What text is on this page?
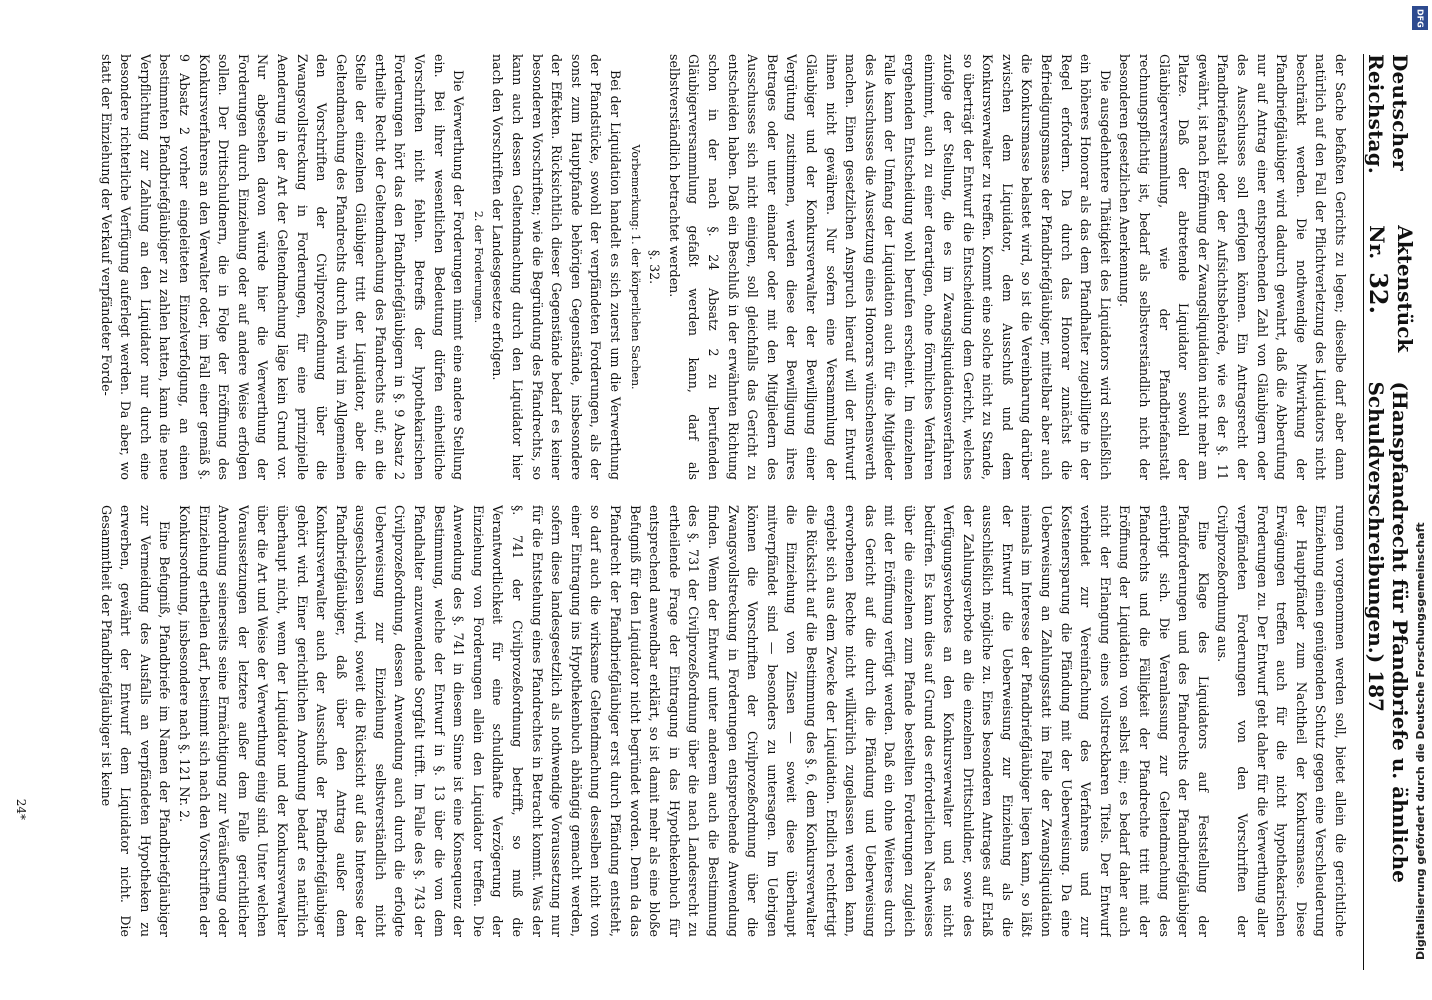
Deutscher Reichstag.
Aktenstück Nr. 32.
(Hanspfandrecht für Pfandbriefe u. ähnliche Schuldverschreibungen.) 187

der Sache befaßten Gerichts zu legen; dieselbe darf aber dann natürlich auf den Fall der Pflichtverletzung des Liquidators nicht beschränkt werden. Die nothwendige Mitwirkung der Pfandbriefgläubiger wird dadurch gewahrt, daß die Abberufung nur auf Antrag einer entsprechenden Zahl von Gläubigern oder des Ausschusses soll erfolgen können. Ein Antragsrecht der Pfandbriefanstalt oder der Aufsichtsbehörde, wie es der §. 11 gewährt, ist nach Eröffnung der Zwangsliquidation nicht mehr am Platze. Daß der abtretende Liquidator sowohl der Gläubigerversammlung, wie der Pfandbriefanstalt rechnungspflichtig ist, bedarf als selbstverständlich nicht der besonderen gesetzlichen Anerkennung.

Die ausgedehntere Thätigkeit des Liquidators wird schließlich ein höheres Honorar als das dem Pfandhalter zugebilligte in der Regel erfordern. Da durch das Honorar zunächst die Befriedigungsmasse der Pfandbriefgläubiger, mittelbar aber auch die Konkursmasse belastet wird, so ist die Vereinbarung darüber zwischen dem Liquidator, dem Ausschuß und dem Konkursverwalter zu treffen. Kommt eine solche nicht zu Stande, so überträgt der Entwurf die Entscheidung dem Gericht, welches zufolge der Stellung, die es im Zwangsliquidationsverfahren einnimmt, auch zu einer derartigen, ohne förmliches Verfahren ergehenden Entscheidung wohl berufen erscheint. Im einzelnen Falle kann der Umfang der Liquidation auch für die Mitglieder des Ausschusses die Aussetzung eines Honorars wünschenswerth machen. Einen gesetzlichen Anspruch hierauf will der Entwurf ihnen nicht gewähren. Nur sofern eine Versammlung der Gläubiger und der Konkursverwalter der Bewilligung einer Vergütung zustimmen, werden diese der Bewilligung ihres Betrages oder unter einander oder mit den Mitgliedern des Ausschusses sich nicht einigen, soll gleichfalls das Gericht zu entscheiden haben. Daß ein Beschluß in der erwähnten Richtung schon in der nach §. 24 Absatz 2 zu berufenden Gläubigerversammlung gefaßt werden kann, darf als selbstverständlich betrachtet werden.

§. 32.

Vorbemerkung: 1. der körperlichen Sachen.

Bei der Liquidation handelt es sich zuerst um die Verwerthung der Pfandstücke, sowohl der verpfändeten Forderungen, als der sonst zum Hauptpfande behörigen Gegenstände, insbesondere der Effekten. Rücksichtlich dieser Gegenstände bedarf es keiner besonderen Vorschriften; wie die Begründung des Pfandrechts, so kann auch dessen Geltendmachung durch den Liquidator hier nach den Vorschriften der Landesgesetze erfolgen.

2. der Forderungen.

Die Verwerthung der Forderungen nimmt eine andere Stellung ein. Bei ihrer wesentlichen Bedeutung dürfen einheitliche Vorschriften nicht fehlen. Betreffs der hypothekarischen Forderungen hört das den Pfandbriefgläubigern in §. 9 Absatz 2 ertheilte Recht der Geltendmachung des Pfandrechts auf; an die Stelle der einzelnen Gläubiger tritt der Liquidator, aber die Geltendmachung des Pfandrechts durch ihn wird im Allgemeinen den Vorschriften der Civilprozeßordnung über die Zwangsvollstreckung in Forderungen, für eine prinzipielle Aenderung in der Art der Geltendmachung läge kein Grund vor. Nur abgesehen davon würde hier die Verwerthung der Forderungen durch Einziehung oder auf andere Weise erfolgen sollen. Der Drittschuldnern, die in Folge der Eröffnung des Konkursverfahrens an den Verwalter oder, im Fall einer gemäß §. 9 Absatz 2 vorher eingeleiteten Einzelverfolgung, an einen bestimmten Pfandbriefgläubiger zu zahlen hatten, kann die neue Verpflichtung zur Zahlung an den Liquidator nur durch eine besondere richterliche Verfügung auferlegt werden. Da aber, wo statt der Einziehung der Verkauf verpfändeter Forde-

rungen vorgenommen werden soll, bietet allein die gerichtliche Einziehung einen genügenden Schutz gegen eine Verschleuderung der Hauptpfänder zum Nachtheil der Konkursmasse. Diese Erwägungen treffen auch für die nicht hypothekarischen Forderungen zu. Der Entwurf geht daher für die Verwerthung aller verpfändeten Forderungen von den Vorschriften der Civilprozeßordnung aus.

Eine Klage des Liquidators auf Feststellung der Pfandforderungen und des Pfandrechts der Pfandbriefgläubiger erübrigt sich. Die Veranlassung zur Geltendmachung des Pfandrechts und die Fälligkeit der Pfandrechte tritt mit der Eröffnung der Liquidation von selbst ein; es bedarf daher auch nicht der Erlangung eines vollstreckbaren Titels. Der Entwurf verbindet zur Vereinfachung des Verfahrens und zur Kostenersparung die Pfändung mit der Ueberweisung. Da eine Ueberweisung an Zahlungsstatt im Falle der Zwangsliquidation niemals im Interesse der Pfandbriefgläubiger liegen kann, so läßt der Entwurf die Ueberweisung zur Einziehung als die ausschließlich mögliche zu. Eines besonderen Antrages auf Erlaß der Zahlungsverbote an die einzelnen Drittschuldner, sowie des Verfügungsverbotes an den Konkursverwalter und es nicht bedürfen. Es kann dies auf Grund des erforderlichen Nachweises über die einzelnen zum Pfande bestellten Forderungen zugleich mit der Eröffnung verfügt werden. Daß ein ohne Weiteres durch das Gericht auf die durch die Pfändung und Ueberweisung erworbenen Rechte nicht willkürlich zugelassen werden kann, ergiebt sich aus dem Zwecke der Liquidation. Endlich rechtfertigt die Rücksicht auf die Bestimmung des §. 6, dem Konkursverwalter die Einziehung von Zinsen — soweit diese überhaupt mitverpfändet sind — besonders zu untersagen. Im Uebrigen können die Vorschriften der Civilprozeßordnung über die Zwangsvollstreckung in Forderungen entsprechende Anwendung finden. Wenn der Entwurf unter anderem auch die Bestimmung des §. 731 der Civilprozeßordnung über die nach Landesrecht zu ertheilende Frage der Eintragung in das Hypothekenbuch für entsprechend anwendbar erklärt, so ist damit mehr als eine bloße Befugniß für den Liquidator nicht begründet worden. Denn da das Pfandrecht der Pfandbriefgläubiger erst durch Pfändung entsteht, so darf auch die wirksame Geltendmachung desselben nicht von einer Eintragung ins Hypothekenbuch abhängig gemacht werden, sofern diese landesgesetzlich als nothwendige Voraussetzung nur für die Entstehung eines Pfandrechtes in Betracht kommt. Was der §. 741 der Civilprozeßordnung betrifft, so muß die Verantwortlichkeit für eine schuldhafte Verzögerung der Einziehung von Forderungen allein den Liquidator treffen. Die Anwendung des §. 741 in diesem Sinne ist eine Konsequenz der Bestimmung, welche der Entwurf in §. 13 über die von dem Pfandhalter anzuwendende Sorgfalt trifft. Im Falle des §. 743 der Civilprozeßordnung, dessen Anwendung auch durch die erfolgte Ueberweisung zur Einziehung selbstverständlich nicht ausgeschlossen wird, soweit die Rücksicht auf das Interesse der Pfandbriefgläubiger, daß über den Antrag außer dem Konkursverwalter auch der Ausschuß der Pfandbriefgläubiger gehört wird. Einer gerichtlichen Anordnung bedarf es natürlich überhaupt nicht, wenn der Liquidator und der Konkursverwalter über die Art und Weise der Verwerthung einig sind. Unter welchen Voraussetzungen der letztere außer dem Falle gerichtlicher Anordnung seinerseits seine Ermächtigung zur Veräußerung oder Einziehung ertheilen darf, bestimmt sich nach den Vorschriften der Konkursordnung, insbesondere nach §. 121 Nr. 2.

Eine Befugniß, Pfandbriefe im Namen der Pfandbriefgläubiger zur Vermeidung des Ausfalls an verpfändeten Hypotheken zu erwerben, gewährt der Entwurf dem Liquidator nicht. Die Gesammtheit der Pfandbriefgläubiger ist keine

24*
DFG
Digitalisierung gefördert durch die Deutsche Forschungsgemeinschaft
